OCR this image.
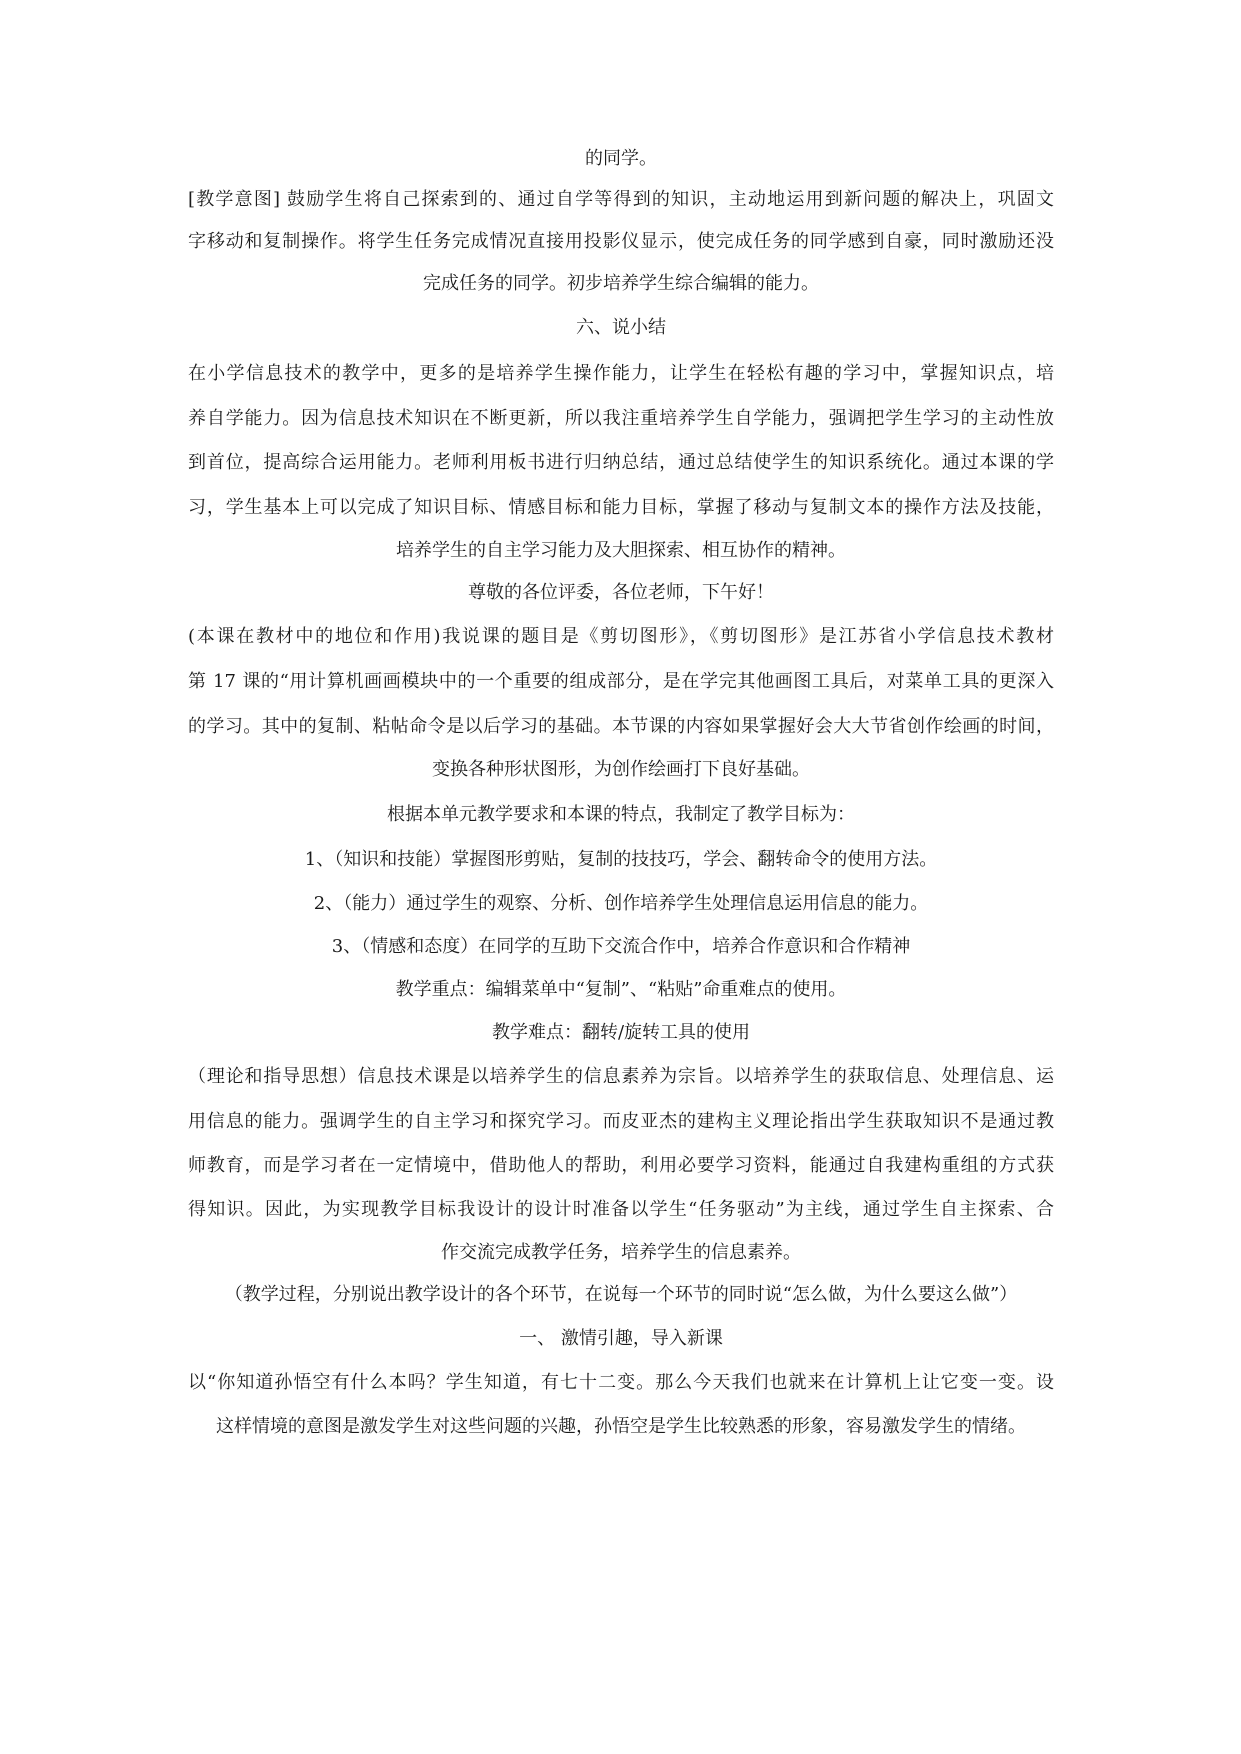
的同学。
[教学意图] 鼓励学生将自己探索到的、通过自学等得到的知识，主动地运用到新问题的解决上，巩固文
字移动和复制操作。将学生任务完成情况直接用投影仪显示，使完成任务的同学感到自豪，同时激励还没
完成任务的同学。初步培养学生综合编辑的能力。
六、说小结
在小学信息技术的教学中，更多的是培养学生操作能力，让学生在轻松有趣的学习中，掌握知识点，培
养自学能力。因为信息技术知识在不断更新，所以我注重培养学生自学能力，强调把学生学习的主动性放
到首位，提高综合运用能力。老师利用板书进行归纳总结，通过总结使学生的知识系统化。通过本课的学
习，学生基本上可以完成了知识目标、情感目标和能力目标，掌握了移动与复制文本的操作方法及技能，
培养学生的自主学习能力及大胆探索、相互协作的精神。
尊敬的各位评委，各位老师，下午好！
(本课在教材中的地位和作用)我说课的题目是《剪切图形》，《剪切图形》是江苏省小学信息技术教材
第 17 课的“用计算机画画模块中的一个重要的组成部分，是在学完其他画图工具后，对菜单工具的更深入
的学习。其中的复制、粘帖命令是以后学习的基础。本节课的内容如果掌握好会大大节省创作绘画的时间，
变换各种形状图形，为创作绘画打下良好基础。
根据本单元教学要求和本课的特点，我制定了教学目标为：
1、（知识和技能）掌握图形剪贴，复制的技技巧，学会、翻转命令的使用方法。
2、（能力）通过学生的观察、分析、创作培养学生处理信息运用信息的能力。
3、（情感和态度）在同学的互助下交流合作中，培养合作意识和合作精神
教学重点：编辑菜单中“复制”、“粘贴”命重难点的使用。
教学难点：翻转/旋转工具的使用
（理论和指导思想）信息技术课是以培养学生的信息素养为宗旨。以培养学生的获取信息、处理信息、运
用信息的能力。强调学生的自主学习和探究学习。而皮亚杰的建构主义理论指出学生获取知识不是通过教
师教育，而是学习者在一定情境中，借助他人的帮助，利用必要学习资料，能通过自我建构重组的方式获
得知识。因此，为实现教学目标我设计的设计时准备以学生“任务驱动”为主线，通过学生自主探索、合
作交流完成教学任务，培养学生的信息素养。
（教学过程，分别说出教学设计的各个环节，在说每一个环节的同时说“怎么做，为什么要这么做”）
一、 激情引趣，导入新课
以“你知道孙悟空有什么本吗？学生知道，有七十二变。那么今天我们也就来在计算机上让它变一变。设
这样情境的意图是激发学生对这些问题的兴趣，孙悟空是学生比较熟悉的形象，容易激发学生的情绪。
